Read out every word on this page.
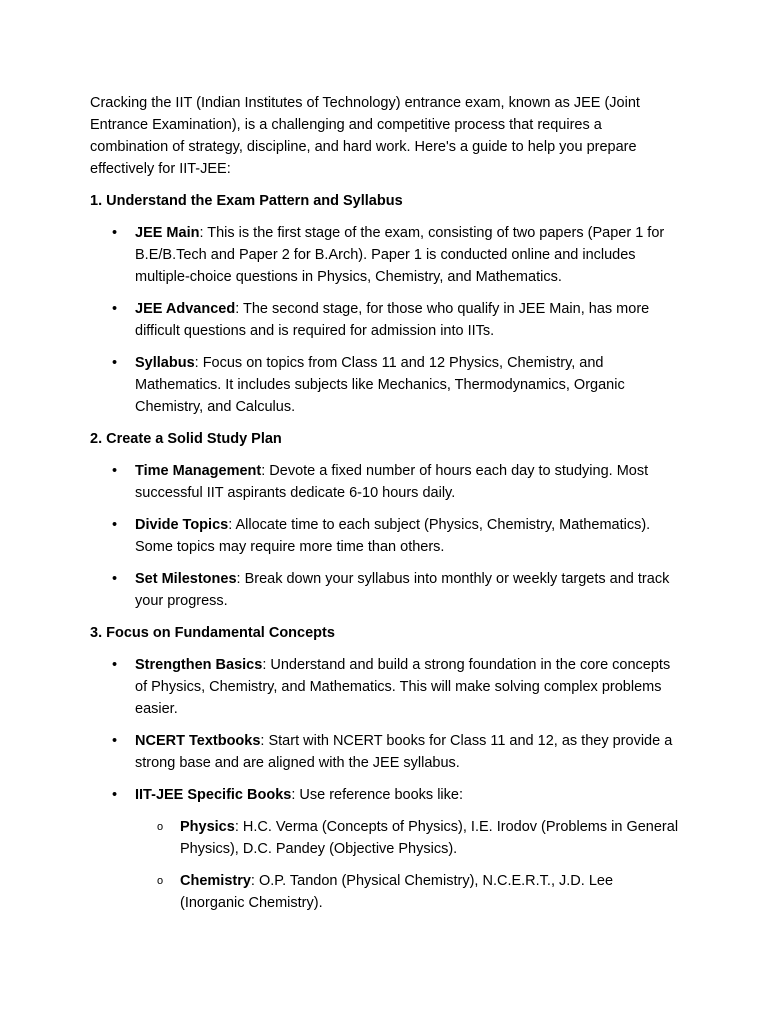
Cracking the IIT (Indian Institutes of Technology) entrance exam, known as JEE (Joint Entrance Examination), is a challenging and competitive process that requires a combination of strategy, discipline, and hard work. Here's a guide to help you prepare effectively for IIT-JEE:

1. Understand the Exam Pattern and Syllabus

• JEE Main: This is the first stage of the exam, consisting of two papers (Paper 1 for B.E/B.Tech and Paper 2 for B.Arch). Paper 1 is conducted online and includes multiple-choice questions in Physics, Chemistry, and Mathematics.
• JEE Advanced: The second stage, for those who qualify in JEE Main, has more difficult questions and is required for admission into IITs.
• Syllabus: Focus on topics from Class 11 and 12 Physics, Chemistry, and Mathematics. It includes subjects like Mechanics, Thermodynamics, Organic Chemistry, and Calculus.

2. Create a Solid Study Plan

• Time Management: Devote a fixed number of hours each day to studying. Most successful IIT aspirants dedicate 6-10 hours daily.
• Divide Topics: Allocate time to each subject (Physics, Chemistry, Mathematics). Some topics may require more time than others.
• Set Milestones: Break down your syllabus into monthly or weekly targets and track your progress.

3. Focus on Fundamental Concepts

• Strengthen Basics: Understand and build a strong foundation in the core concepts of Physics, Chemistry, and Mathematics. This will make solving complex problems easier.
• NCERT Textbooks: Start with NCERT books for Class 11 and 12, as they provide a strong base and are aligned with the JEE syllabus.
• IIT-JEE Specific Books: Use reference books like:
o Physics: H.C. Verma (Concepts of Physics), I.E. Irodov (Problems in General Physics), D.C. Pandey (Objective Physics).
o Chemistry: O.P. Tandon (Physical Chemistry), N.C.E.R.T., J.D. Lee (Inorganic Chemistry).
